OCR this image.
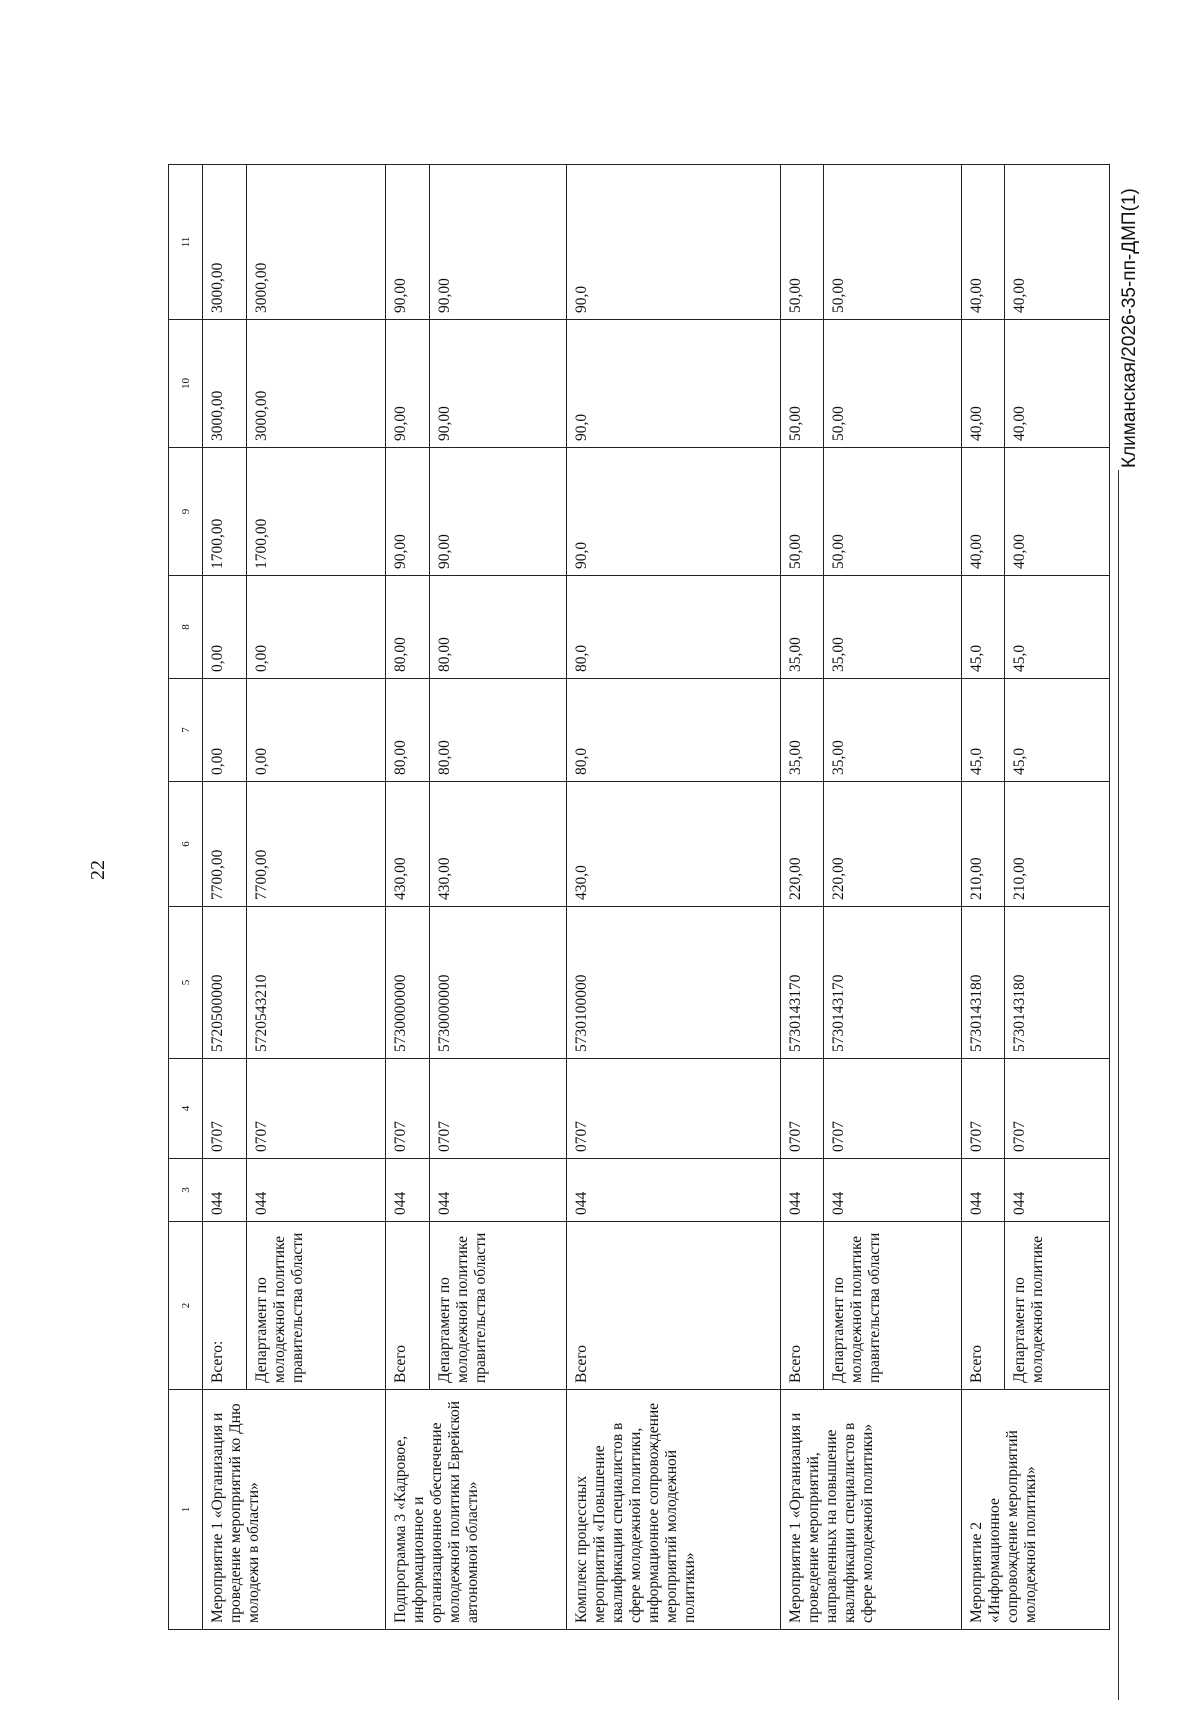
22
Климанская/2026-35-пп-ДМП(1)
1	2	3	4	5	6	7	8	9	10	11
Мероприятие 1 «Организация и проведение мероприятий ко Дню молодежи в области»	Всего:	044	0707	5720500000	7700,00	0,00	0,00	1700,00	3000,00	3000,00
	Департамент по молодежной политике правительства области	044	0707	5720543210	7700,00	0,00	0,00	1700,00	3000,00	3000,00
Подпрограмма 3 «Кадровое, информационное и организационное обеспечение молодежной политики Еврейской автономной области»	Всего	044	0707	5730000000	430,00	80,00	80,00	90,00	90,00	90,00
	Департамент по молодежной политике правительства области	044	0707	5730000000	430,00	80,00	80,00	90,00	90,00	90,00
Комплекс процессных мероприятий «Повышение квалификации специалистов в сфере молодежной политики, информационное сопровождение мероприятий молодежной политики»	Всего	044	0707	5730100000	430,0	80,0	80,0	90,0	90,0	90,0
Мероприятие 1 «Организация и проведение мероприятий, направленных на повышение квалификации специалистов в сфере молодежной политики»	Всего	044	0707	5730143170	220,00	35,00	35,00	50,00	50,00	50,00
	Департамент по молодежной политике правительства области	044	0707	5730143170	220,00	35,00	35,00	50,00	50,00	50,00
Мероприятие 2 «Информационное сопровождение мероприятий молодежной политики»	Всего	044	0707	5730143180	210,00	45,0	45,0	40,00	40,00	40,00
	Департамент по молодежной политике	044	0707	5730143180	210,00	45,0	45,0	40,00	40,00	40,00
